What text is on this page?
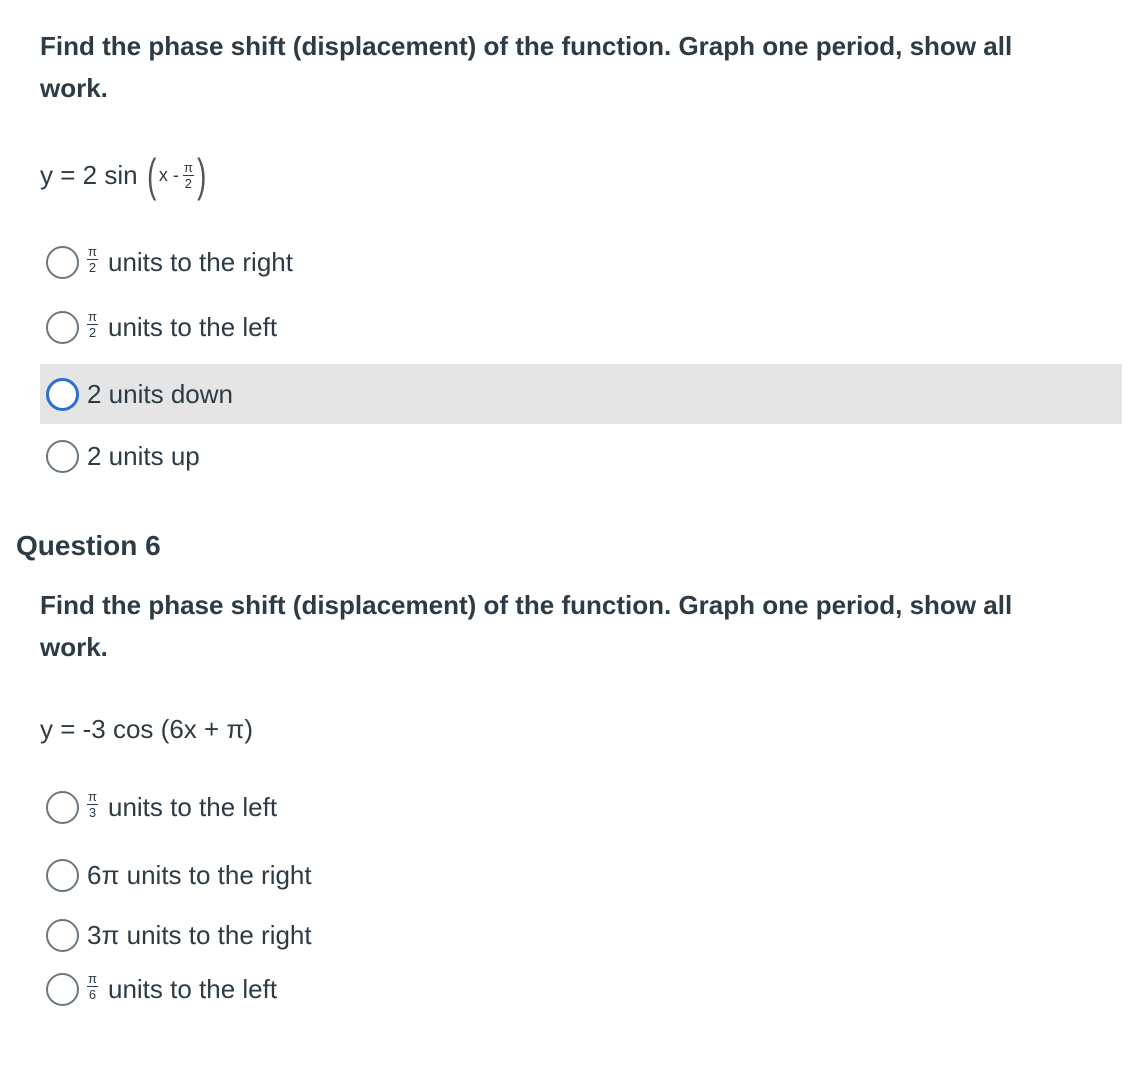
Find the phase shift (displacement) of the function. Graph one period, show all work.
y = 2 sin ( x - $\frac{\pi}{2}$ )
$\frac{\pi}{2}$ units to the right
$\frac{\pi}{2}$ units to the left
2 units down
2 units up
Question 6
Find the phase shift (displacement) of the function. Graph one period, show all work.
y = -3 cos (6x + π)
$\frac{\pi}{3}$ units to the left
6π units to the right
3π units to the right
$\frac{\pi}{6}$ units to the left
